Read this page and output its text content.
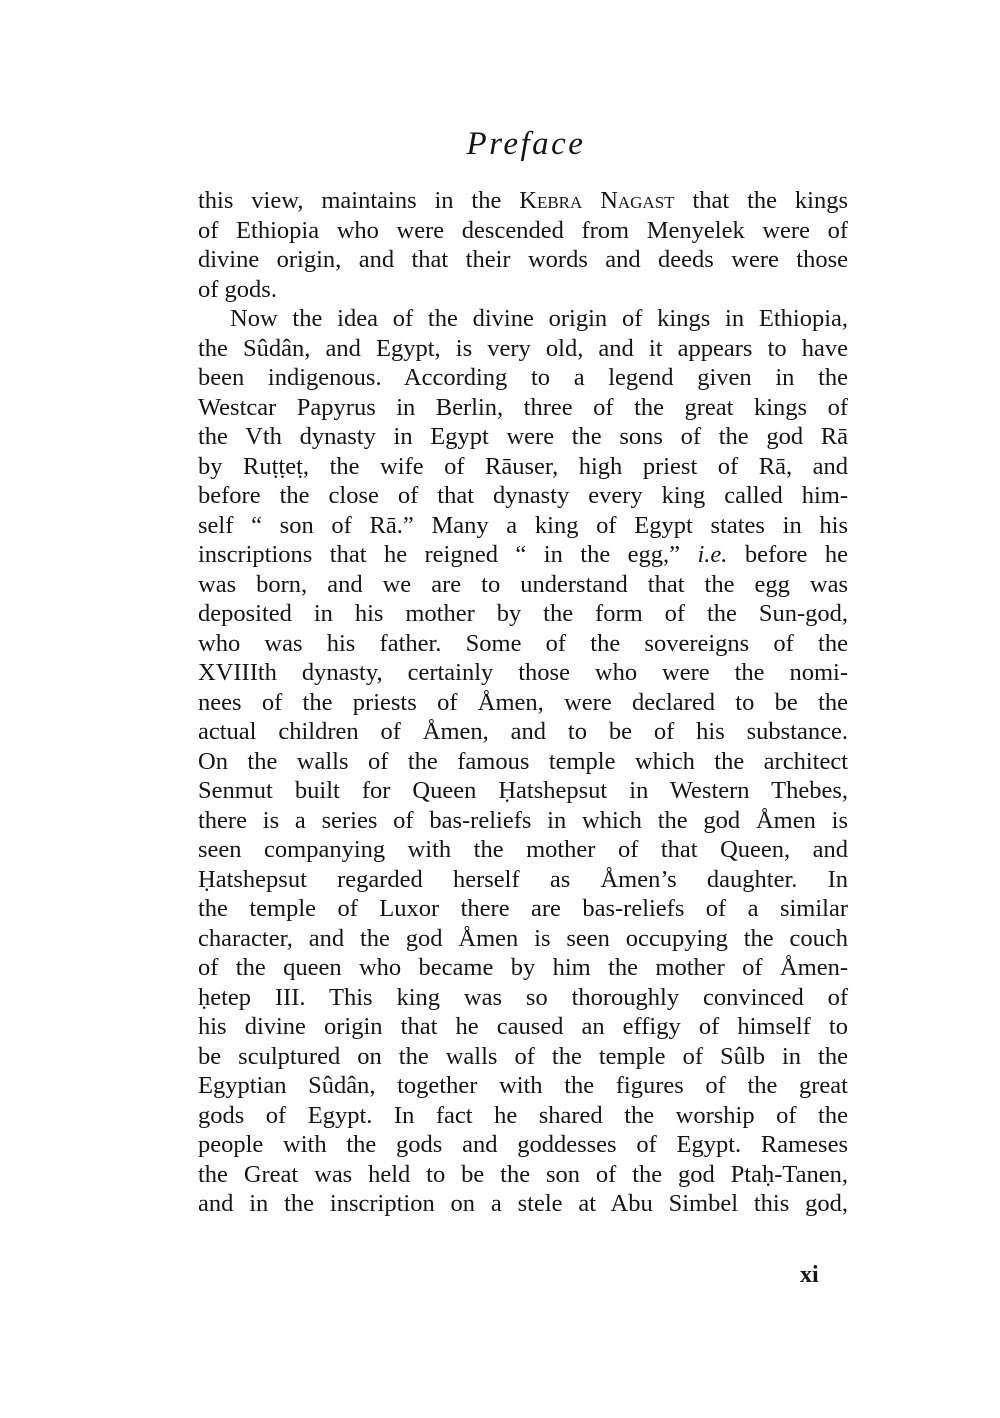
Preface
this view, maintains in the Kebra Nagast that the kings
of Ethiopia who were descended from Menyelek were of
divine origin, and that their words and deeds were those
of gods.
Now the idea of the divine origin of kings in Ethiopia,
the Sûdân, and Egypt, is very old, and it appears to have
been indigenous. According to a legend given in the
Westcar Papyrus in Berlin, three of the great kings of
the Vth dynasty in Egypt were the sons of the god Rā
by Ruṭṭeṭ, the wife of Rāuser, high priest of Rā, and
before the close of that dynasty every king called him-
self “ son of Rā.” Many a king of Egypt states in his
inscriptions that he reigned “ in the egg,” i.e. before he
was born, and we are to understand that the egg was
deposited in his mother by the form of the Sun-god,
who was his father. Some of the sovereigns of the
XVIIIth dynasty, certainly those who were the nomi-
nees of the priests of Åmen, were declared to be the
actual children of Åmen, and to be of his substance.
On the walls of the famous temple which the architect
Senmut built for Queen Ḥatshepsut in Western Thebes,
there is a series of bas-reliefs in which the god Åmen is
seen companying with the mother of that Queen, and
Ḥatshepsut regarded herself as Åmen’s daughter. In
the temple of Luxor there are bas-reliefs of a similar
character, and the god Åmen is seen occupying the couch
of the queen who became by him the mother of Åmen-
ḥetep III. This king was so thoroughly convinced of
his divine origin that he caused an effigy of himself to
be sculptured on the walls of the temple of Sûlb in the
Egyptian Sûdân, together with the figures of the great
gods of Egypt. In fact he shared the worship of the
people with the gods and goddesses of Egypt. Rameses
the Great was held to be the son of the god Ptaḥ-Tanen,
and in the inscription on a stele at Abu Simbel this god,
xi
